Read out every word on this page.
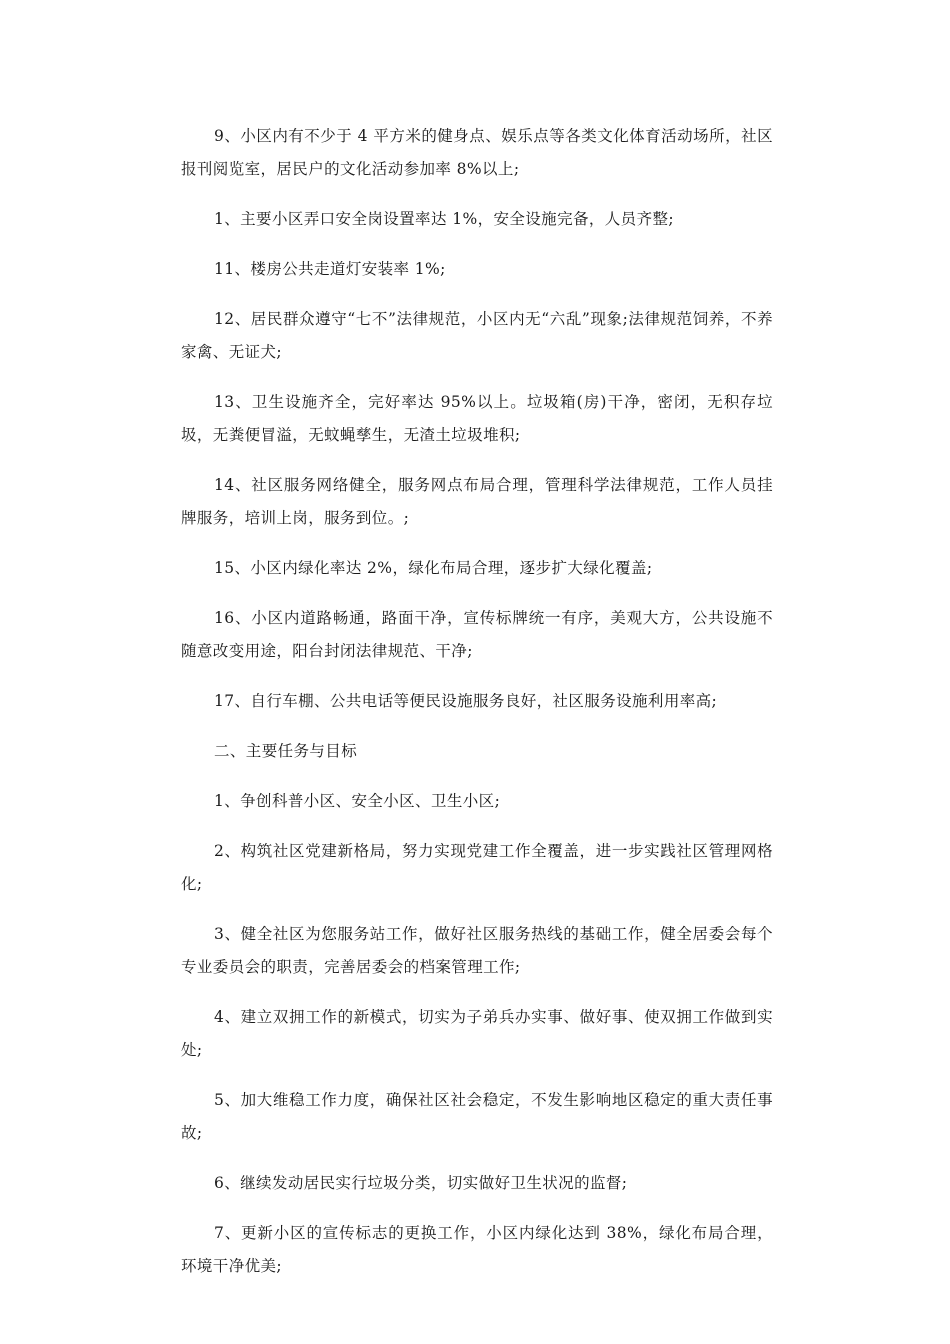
9、小区内有不少于 4 平方米的健身点、娱乐点等各类文化体育活动场所，社区报刊阅览室，居民户的文化活动参加率 8%以上;

1、主要小区弄口安全岗设置率达 1%，安全设施完备，人员齐整;

11、楼房公共走道灯安装率 1%;

12、居民群众遵守“七不”法律规范，小区内无“六乱”现象;法律规范饲养，不养家禽、无证犬;

13、卫生设施齐全，完好率达 95%以上。垃圾箱(房)干净，密闭，无积存垃圾，无粪便冒溢，无蚊蝇孳生，无渣土垃圾堆积;

14、社区服务网络健全，服务网点布局合理，管理科学法律规范，工作人员挂牌服务，培训上岗，服务到位。;

15、小区内绿化率达 2%，绿化布局合理，逐步扩大绿化覆盖;

16、小区内道路畅通，路面干净，宣传标牌统一有序，美观大方，公共设施不随意改变用途，阳台封闭法律规范、干净;

17、自行车棚、公共电话等便民设施服务良好，社区服务设施利用率高;

二、主要任务与目标

1、争创科普小区、安全小区、卫生小区;

2、构筑社区党建新格局，努力实现党建工作全覆盖，进一步实践社区管理网格化;

3、健全社区为您服务站工作，做好社区服务热线的基础工作，健全居委会每个专业委员会的职责，完善居委会的档案管理工作;

4、建立双拥工作的新模式，切实为子弟兵办实事、做好事、使双拥工作做到实处;

5、加大维稳工作力度，确保社区社会稳定，不发生影响地区稳定的重大责任事故;

6、继续发动居民实行垃圾分类，切实做好卫生状况的监督;

7、更新小区的宣传标志的更换工作，小区内绿化达到 38%，绿化布局合理，环境干净优美;
